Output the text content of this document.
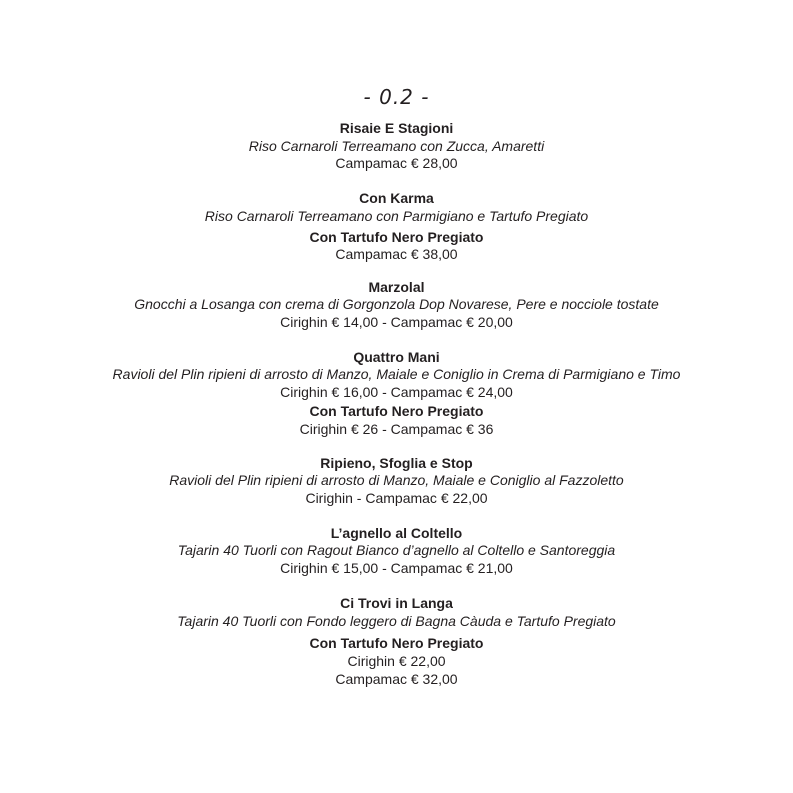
- 0.2 -
Risaie E Stagioni
Riso Carnaroli Terreamano con Zucca, Amaretti
Campamac € 28,00
Con Karma
Riso Carnaroli Terreamano con Parmigiano e Tartufo Pregiato
Con Tartufo Nero Pregiato
Campamac € 38,00
Marzolal
Gnocchi a Losanga con crema di Gorgonzola Dop Novarese, Pere e nocciole tostate
Cirighin € 14,00 - Campamac € 20,00
Quattro Mani
Ravioli del Plin ripieni di arrosto di Manzo, Maiale e Coniglio in Crema di Parmigiano e Timo
Cirighin € 16,00 - Campamac € 24,00
Con Tartufo Nero Pregiato
Cirighin € 26 - Campamac € 36
Ripieno, Sfoglia e Stop
Ravioli del Plin ripieni di arrosto di Manzo, Maiale e Coniglio al Fazzoletto
Cirighin - Campamac € 22,00
L’agnello al Coltello
Tajarin 40 Tuorli con Ragout Bianco d’agnello al Coltello e Santoreggia
Cirighin € 15,00 - Campamac € 21,00
Ci Trovi in Langa
Tajarin 40 Tuorli con Fondo leggero di Bagna Càuda e Tartufo Pregiato
Con Tartufo Nero Pregiato
Cirighin € 22,00
Campamac € 32,00
